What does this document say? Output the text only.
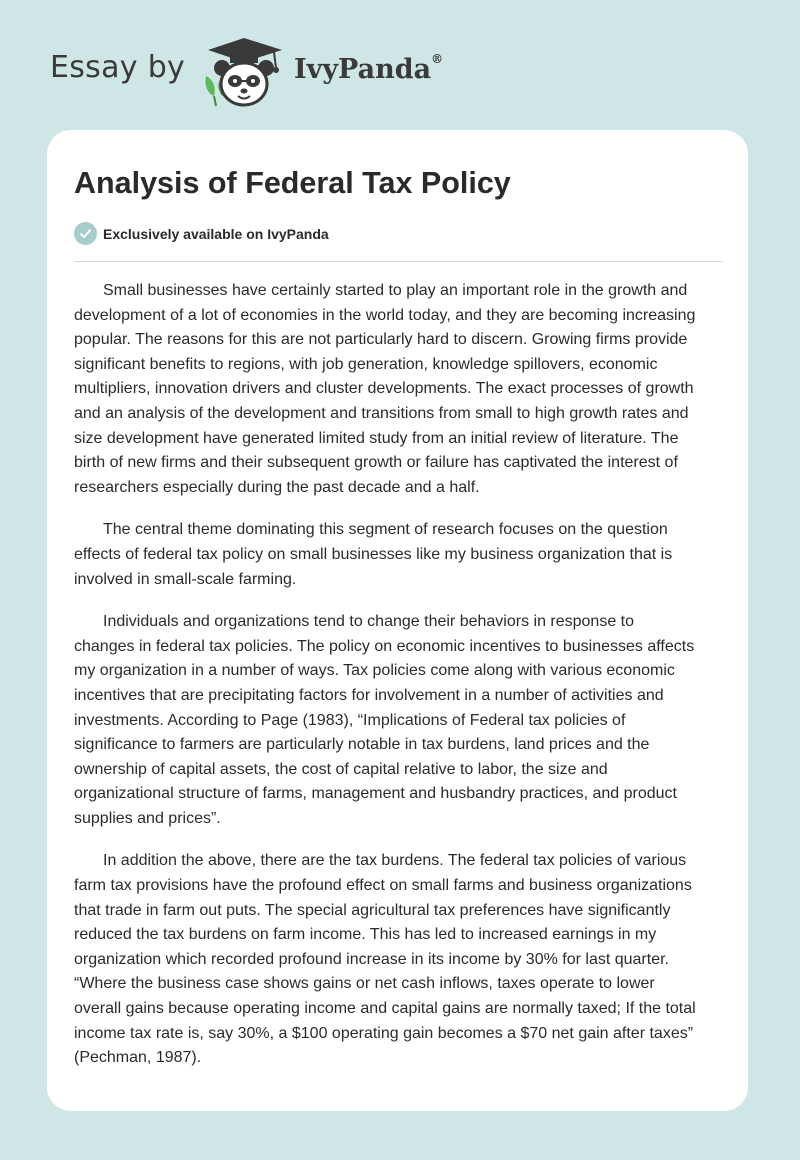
Essay by	IvyPanda®
Analysis of Federal Tax Policy
Exclusively available on IvyPanda

Small businesses have certainly started to play an important role in the growth and
development of a lot of economies in the world today, and they are becoming increasing
popular. The reasons for this are not particularly hard to discern. Growing firms provide
significant benefits to regions, with job generation, knowledge spillovers, economic
multipliers, innovation drivers and cluster developments. The exact processes of growth
and an analysis of the development and transitions from small to high growth rates and
size development have generated limited study from an initial review of literature. The
birth of new firms and their subsequent growth or failure has captivated the interest of
researchers especially during the past decade and a half.

The central theme dominating this segment of research focuses on the question
effects of federal tax policy on small businesses like my business organization that is
involved in small-scale farming.

Individuals and organizations tend to change their behaviors in response to
changes in federal tax policies. The policy on economic incentives to businesses affects
my organization in a number of ways. Tax policies come along with various economic
incentives that are precipitating factors for involvement in a number of activities and
investments. According to Page (1983), “Implications of Federal tax policies of
significance to farmers are particularly notable in tax burdens, land prices and the
ownership of capital assets, the cost of capital relative to labor, the size and
organizational structure of farms, management and husbandry practices, and product
supplies and prices”.

In addition the above, there are the tax burdens. The federal tax policies of various
farm tax provisions have the profound effect on small farms and business organizations
that trade in farm out puts. The special agricultural tax preferences have significantly
reduced the tax burdens on farm income. This has led to increased earnings in my
organization which recorded profound increase in its income by 30% for last quarter.
“Where the business case shows gains or net cash inflows, taxes operate to lower
overall gains because operating income and capital gains are normally taxed; If the total
income tax rate is, say 30%, a $100 operating gain becomes a $70 net gain after taxes”
(Pechman, 1987).
